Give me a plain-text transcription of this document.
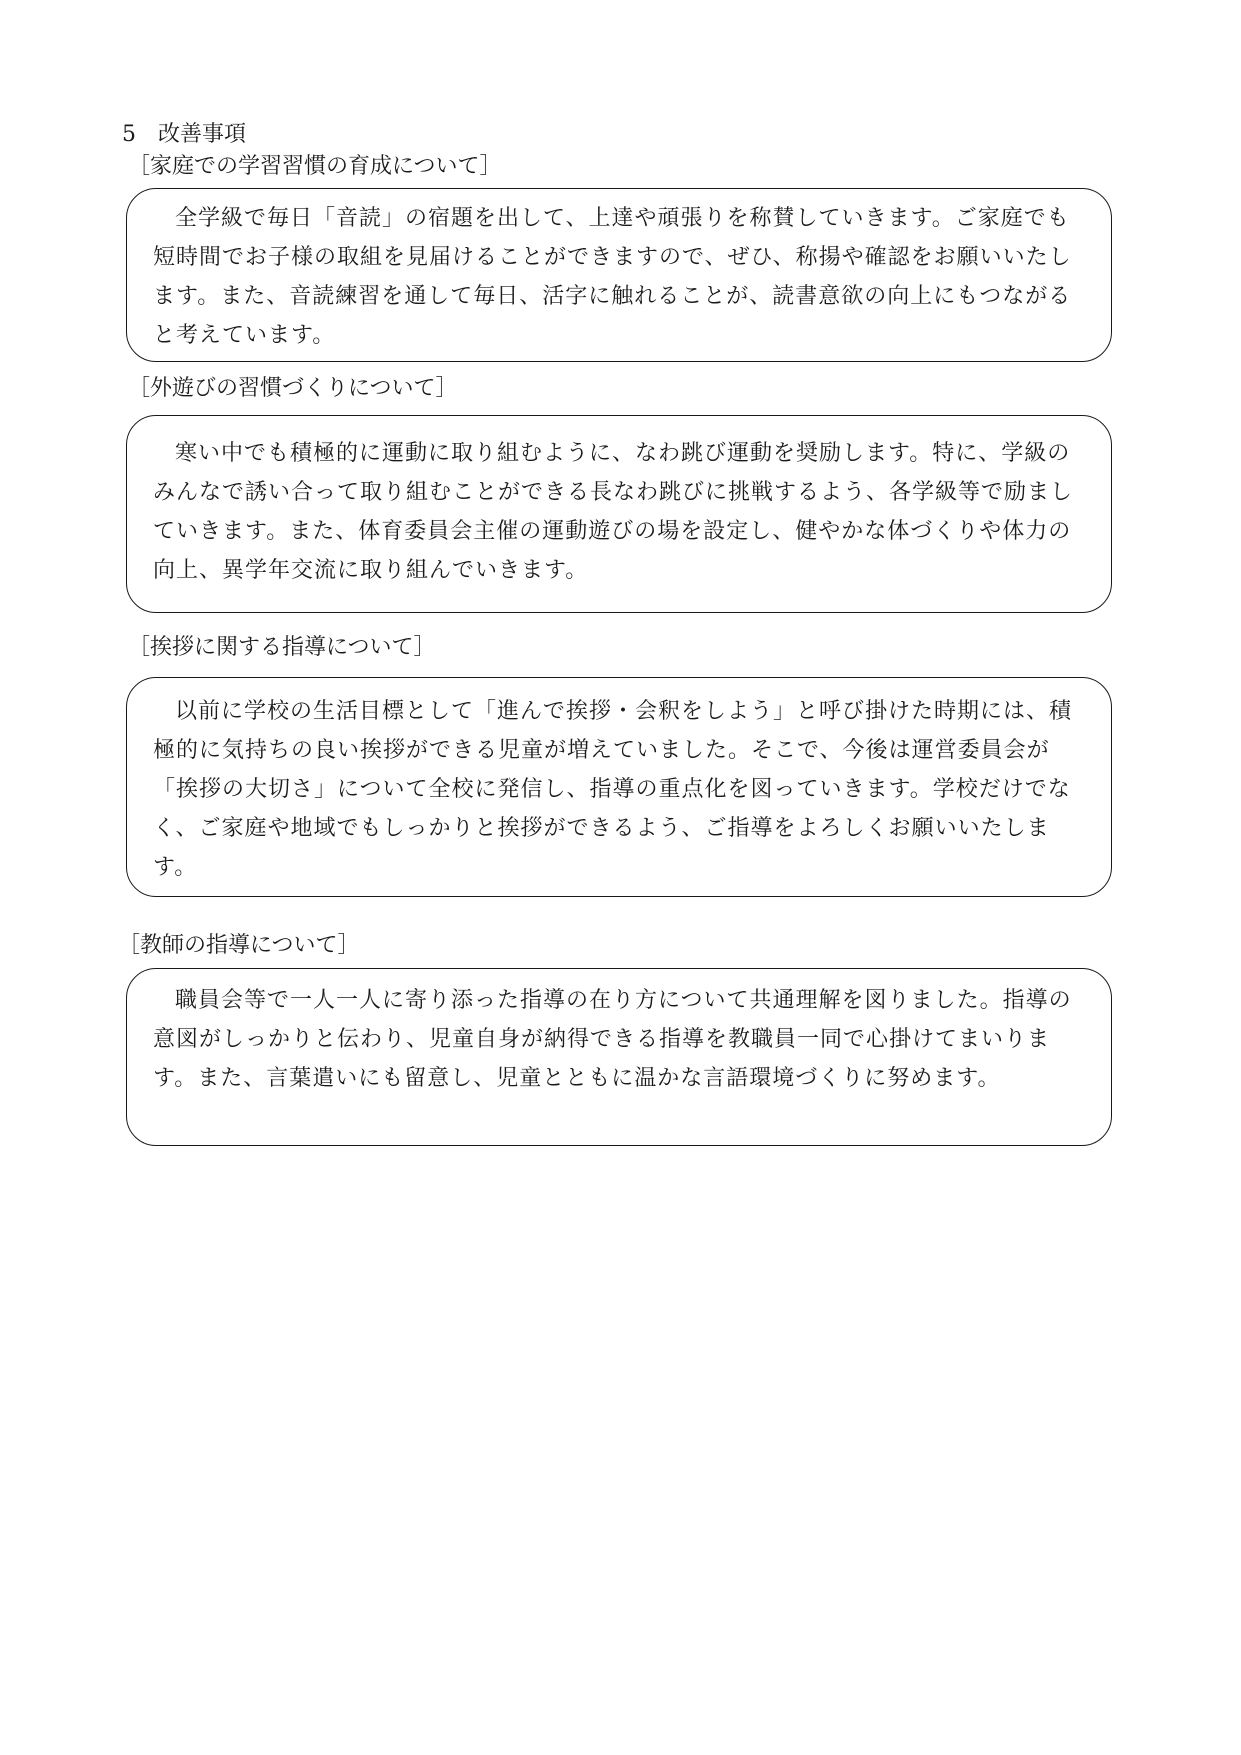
5　改善事項
［家庭での学習習慣の育成について］

全学級で毎日「音読」の宿題を出して、上達や頑張りを称賛していきます。ご家庭でも短時間でお子様の取組を見届けることができますので、ぜひ、称揚や確認をお願いいたします。また、音読練習を通して毎日、活字に触れることが、読書意欲の向上にもつながると考えています。

［外遊びの習慣づくりについて］

寒い中でも積極的に運動に取り組むように、なわ跳び運動を奨励します。特に、学級のみんなで誘い合って取り組むことができる長なわ跳びに挑戦するよう、各学級等で励ましていきます。また、体育委員会主催の運動遊びの場を設定し、健やかな体づくりや体力の向上、異学年交流に取り組んでいきます。

［挨拶に関する指導について］

以前に学校の生活目標として「進んで挨拶・会釈をしよう」と呼び掛けた時期には、積極的に気持ちの良い挨拶ができる児童が増えていました。そこで、今後は運営委員会が「挨拶の大切さ」について全校に発信し、指導の重点化を図っていきます。学校だけでなく、ご家庭や地域でもしっかりと挨拶ができるよう、ご指導をよろしくお願いいたします。

［教師の指導について］

職員会等で一人一人に寄り添った指導の在り方について共通理解を図りました。指導の意図がしっかりと伝わり、児童自身が納得できる指導を教職員一同で心掛けてまいります。また、言葉遣いにも留意し、児童とともに温かな言語環境づくりに努めます。
